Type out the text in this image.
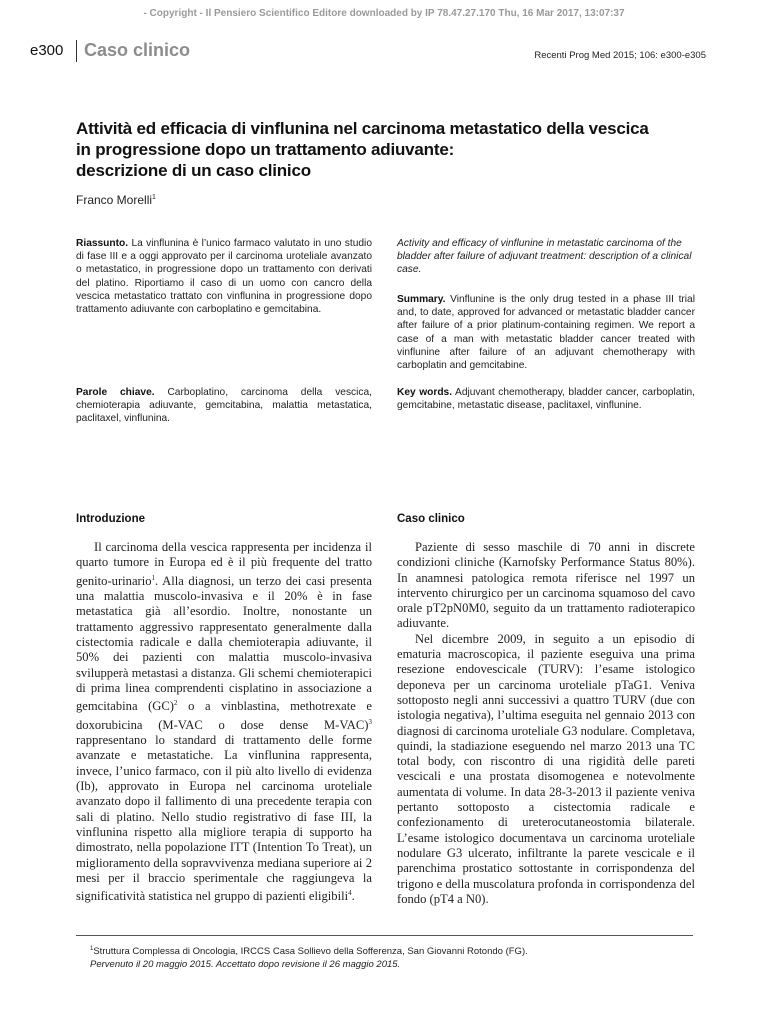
- Copyright - Il Pensiero Scientifico Editore downloaded by IP 78.47.27.170 Thu, 16 Mar 2017, 13:07:37
e300 Caso clinico	Recenti Prog Med 2015; 106: e300-e305
Attività ed efficacia di vinflunina nel carcinoma metastatico della vescica
in progressione dopo un trattamento adiuvante:
descrizione di un caso clinico
Franco Morelli$^1$
Riassunto. La vinflunina è l’unico farmaco valutato in uno studio di fase III e a oggi approvato per il carcinoma uroteliale avanzato o metastatico, in progressione dopo un trattamento con derivati del platino. Riportiamo il caso di un uomo con cancro della vescica metastatico trattato con vinflunina in progressione dopo trattamento adiuvante con carboplatino e gemcitabina.
Parole chiave. Carboplatino, carcinoma della vescica, chemioterapia adiuvante, gemcitabina, malattia metastatica, paclitaxel, vinflunina.
Activity and efficacy of vinflunine in metastatic carcinoma of the bladder after failure of adjuvant treatment: description of a clinical case.
Summary. Vinflunine is the only drug tested in a phase III trial and, to date, approved for advanced or metastatic bladder cancer after failure of a prior platinum-containing regimen. We report a case of a man with metastatic bladder cancer treated with vinflunine after failure of an adjuvant chemotherapy with carboplatin and gemcitabine.
Key words. Adjuvant chemotherapy, bladder cancer, carboplatin, gemcitabine, metastatic disease, paclitaxel, vinflunine.
Introduzione

Il carcinoma della vescica rappresenta per incidenza il quarto tumore in Europa ed è il più frequente del tratto genito-urinario$^1$. Alla diagnosi, un terzo dei casi presenta una malattia muscolo-invasiva e il 20% è in fase metastatica già all’esordio. Inoltre, nonostante un trattamento aggressivo rappresentato generalmente dalla cistectomia radicale e dalla chemioterapia adiuvante, il 50% dei pazienti con malattia muscolo-invasiva svilupperà metastasi a distanza. Gli schemi chemioterapici di prima linea comprendenti cisplatino in associazione a gemcitabina (GC)$^2$ o a vinblastina, methotrexate e doxorubicina (M-VAC o dose dense M-VAC)$^3$ rappresentano lo standard di trattamento delle forme avanzate e metastatiche. La vinflunina rappresenta, invece, l’unico farmaco, con il più alto livello di evidenza (Ib), approvato in Europa nel carcinoma uroteliale avanzato dopo il fallimento di una precedente terapia con sali di platino. Nello studio registrativo di fase III, la vinflunina rispetto alla migliore terapia di supporto ha dimostrato, nella popolazione ITT (Intention To Treat), un miglioramento della sopravvivenza mediana superiore ai 2 mesi per il braccio sperimentale che raggiungeva la significatività statistica nel gruppo di pazienti eligibili$^4$.

Caso clinico

Paziente di sesso maschile di 70 anni in discrete condizioni cliniche (Karnofsky Performance Status 80%). In anamnesi patologica remota riferisce nel 1997 un intervento chirurgico per un carcinoma squamoso del cavo orale pT2pN0M0, seguito da un trattamento radioterapico adiuvante.

Nel dicembre 2009, in seguito a un episodio di ematuria macroscopica, il paziente eseguiva una prima resezione endovescicale (TURV): l’esame istologico deponeva per un carcinoma uroteliale pTaG1. Veniva sottoposto negli anni successivi a quattro TURV (due con istologia negativa), l’ultima eseguita nel gennaio 2013 con diagnosi di carcinoma uroteliale G3 nodulare. Completava, quindi, la stadiazione eseguendo nel marzo 2013 una TC total body, con riscontro di una rigidità delle pareti vescicali e una prostata disomogenea e notevolmente aumentata di volume. In data 28-3-2013 il paziente veniva pertanto sottoposto a cistectomia radicale e confezionamento di ureterocutaneostomia bilaterale. L’esame istologico documentava un carcinoma uroteliale nodulare G3 ulcerato, infiltrante la parete vescicale e il parenchima prostatico sottostante in corrispondenza del trigono e della muscolatura profonda in corrispondenza del fondo (pT4 a N0).

$^1$Struttura Complessa di Oncologia, IRCCS Casa Sollievo della Sofferenza, San Giovanni Rotondo (FG).
Pervenuto il 20 maggio 2015. Accettato dopo revisione il 26 maggio 2015.
